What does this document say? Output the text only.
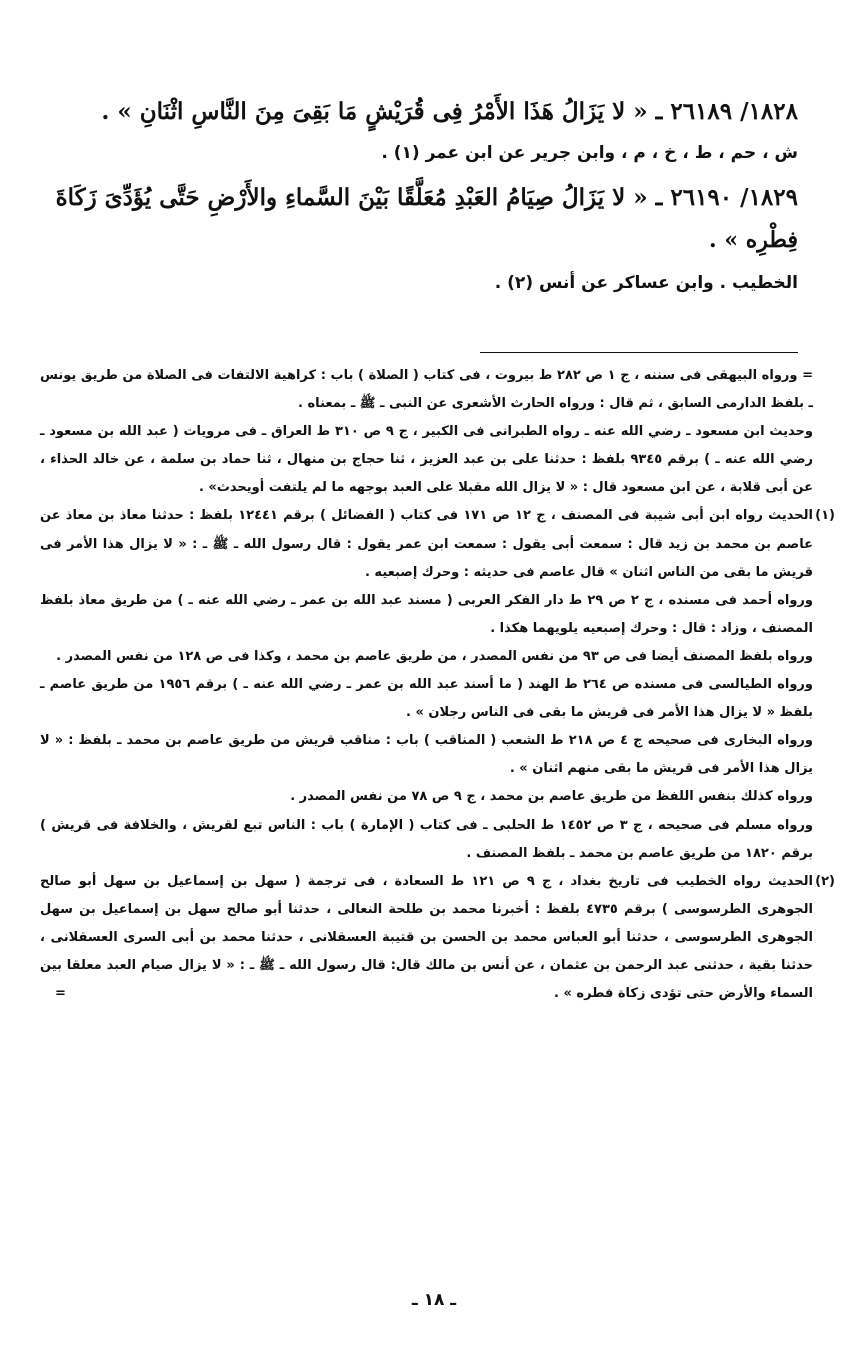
١٨٢٨/ ٢٦١٨٩ ـ « لا يَزَالُ هَذَا الأَمْرُ فِى قُرَيْشٍ مَا بَقِىَ مِنَ النَّاسِ اثْنَانِ » .

ش ، حم ، ط ، خ ، م ، وابن جرير عن ابن عمر (١) .

١٨٢٩/ ٢٦١٩٠ ـ « لا يَزَالُ صِيَامُ العَبْدِ مُعَلَّقًا بَيْنَ السَّماءِ والأَرْضِ حَتَّى يُؤَدِّىَ زَكَاةَ

فِطْرِه » .

الخطيب . وابن عساكر عن أنس (٢) .

= ورواه البيهقى فى سننه ، ج ١ ص ٢٨٢ ط بيروت ، فى كتاب ( الصلاة ) باب : كراهية الالتفات فى الصلاة من طريق يونس ـ بلفظ الدارمى السابق ، ثم قال : ورواه الحارث الأشعرى عن النبى ـ ﷺ ـ بمعناه .

وحديث ابن مسعود ـ رضي الله عنه ـ رواه الطبرانى فى الكبير ، ج ٩ ص ٣١٠ ط العراق ـ فى مرويات ( عبد الله بن مسعود ـ رضي الله عنه ـ ) برقم ٩٣٤٥ بلفظ : حدثنا على بن عبد العزيز ، ثنا حجاج بن منهال ، ثنا حماد بن سلمة ، عن خالد الحذاء ، عن أبى قلابة ، عن ابن مسعود قال : « لا يزال الله مقبلا على العبد بوجهه ما لم يلتفت أويحدث» .

(١)

الحديث رواه ابن أبى شيبة فى المصنف ، ج ١٢ ص ١٧١ فى كتاب ( الفضائل ) برقم ١٢٤٤١ بلفظ : حدثنا معاذ بن معاذ عن عاصم بن محمد بن زيد قال : سمعت أبى يقول : سمعت ابن عمر يقول : قال رسول الله ـ ﷺ ـ : « لا يزال هذا الأمر فى قريش ما بقى من الناس اثنان » قال عاصم فى حديثه : وحرك إصبعيه .

ورواه أحمد فى مسنده ، ج ٢ ص ٢٩ ط دار الفكر العربى ( مسند عبد الله بن عمر ـ رضي الله عنه ـ ) من طريق معاذ بلفظ المصنف ، وزاد : قال : وحرك إصبعيه يلويهما هكذا .

ورواه بلفظ المصنف أيضا فى ص ٩٣ من نفس المصدر ، من طريق عاصم بن محمد ، وكذا فى ص ١٢٨ من نفس المصدر .

ورواه الطيالسى فى مسنده ص ٢٦٤ ط الهند ( ما أسند عبد الله بن عمر ـ رضي الله عنه ـ ) برقم ١٩٥٦ من طريق عاصم ـ بلفظ « لا يزال هذا الأمر فى قريش ما بقى فى الناس رجلان » .

ورواه البخارى فى صحيحه ج ٤ ص ٢١٨ ط الشعب ( المناقب ) باب : مناقب قريش من طريق عاصم بن محمد ـ بلفظ : « لا يزال هذا الأمر فى قريش ما بقى منهم اثنان » .

ورواه كذلك بنفس اللفظ من طريق عاصم بن محمد ، ج ٩ ص ٧٨ من نفس المصدر .

ورواه مسلم فى صحيحه ، ج ٣ ص ١٤٥٢ ط الحلبى ـ فى كتاب ( الإمارة ) باب : الناس تبع لقريش ، والخلافة فى قريش ) برقم ١٨٢٠ من طريق عاصم بن محمد ـ بلفظ المصنف .

(٢)

الحديث رواه الخطيب فى تاريخ بغداد ، ج ٩ ص ١٢١ ط السعادة ، فى ترجمة ( سهل بن إسماعيل بن سهل أبو صالح الجوهرى الطرسوسى ) برقم ٤٧٣٥ بلفظ : أخبرنا محمد بن طلحة النعالى ، حدثنا أبو صالح سهل بن إسماعيل بن سهل الجوهرى الطرسوسى ، حدثنا أبو العباس محمد بن الحسن بن قتيبة العسقلانى ، حدثنا محمد بن أبى السرى العسقلانى ، حدثنا بقية ، حدثنى عبد الرحمن بن عثمان ، عن أنس بن مالك قال: قال رسول الله ـ ﷺ ـ : « لا يزال صيام العبد معلقا بين السماء والأرض حتى تؤدى زكاة فطره » .
=

ـ ١٨ ـ
